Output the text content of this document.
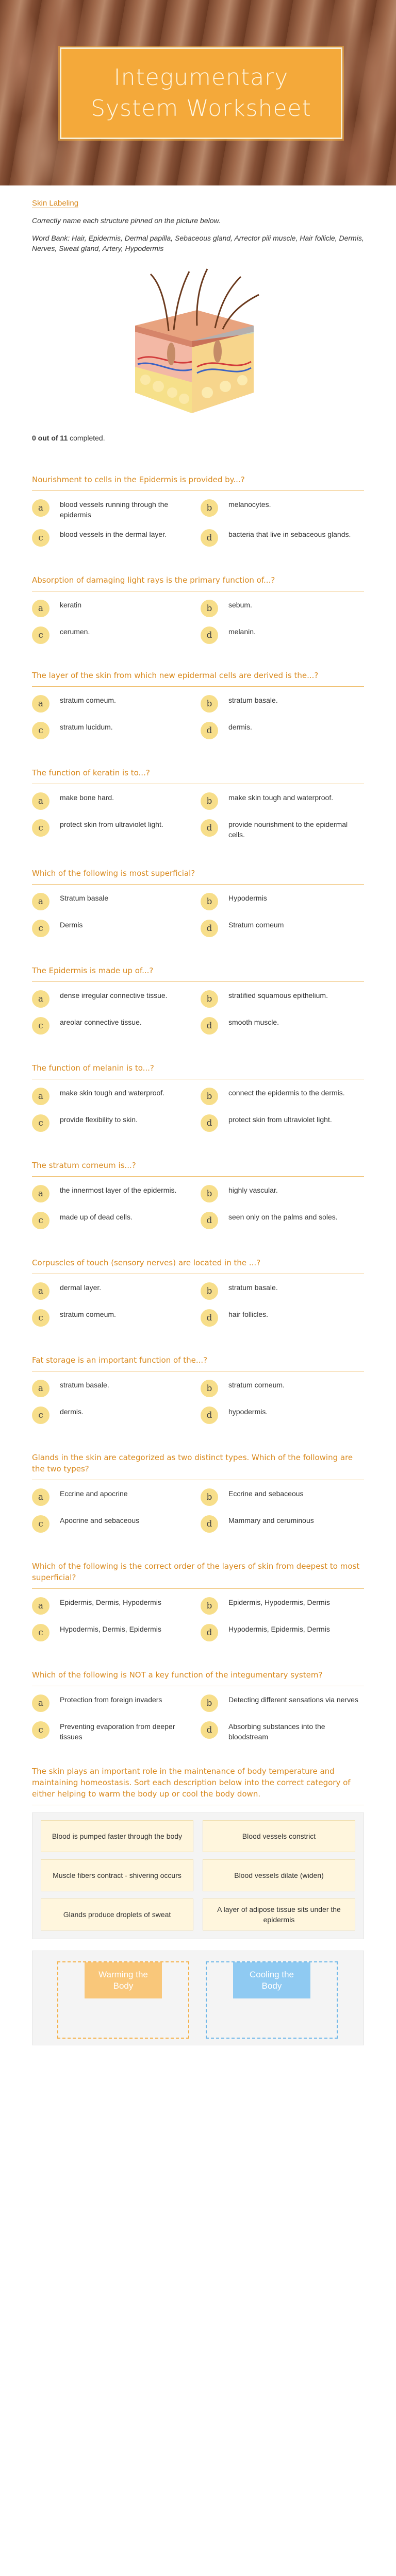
Integumentary System Worksheet
Skin Labeling

Correctly name each structure pinned on the picture below.

Word Bank: Hair, Epidermis, Dermal papilla, Sebaceous gland, Arrector pili muscle, Hair follicle, Dermis, Nerves, Sweat gland, Artery, Hypodermis

0 out of 11 completed.

Nourishment to cells in the Epidermis is provided by...?
a	blood vessels running through the epidermis
b	melanocytes.
c	blood vessels in the dermal layer.	d	bacteria that live in sebaceous glands.
Absorption of damaging light rays is the primary function of...?
a	keratin	b	sebum.
c	cerumen.	d	melanin.
The layer of the skin from which new epidermal cells are derived is the...?
a	stratum corneum.	b	stratum basale.
c	stratum lucidum.	d	dermis.
The function of keratin is to...?
a	make bone hard.	b	make skin tough and waterproof.
c	protect skin from ultraviolet light.	d	provide nourishment to the epidermal cells.
Which of the following is most superficial?
a	Stratum basale	b	Hypodermis
c	Dermis	d	Stratum corneum
The Epidermis is made up of...?
a	dense irregular connective tissue.	b	stratified squamous epithelium.
c	areolar connective tissue.	d	smooth muscle.
The function of melanin is to...?
a	make skin tough and waterproof.	b	connect the epidermis to the dermis.
c	provide flexibility to skin.	d	protect skin from ultraviolet light.
The stratum corneum is...?
a	the innermost layer of the epidermis.	b	highly vascular.
c	made up of dead cells.	d	seen only on the palms and soles.
Corpuscles of touch (sensory nerves) are located in the ...?
a	dermal layer.	b	stratum basale.
c	stratum corneum.	d	hair follicles.
Fat storage is an important function of the...?
a	stratum basale.	b	stratum corneum.
c	dermis.	d	hypodermis.
Glands in the skin are categorized as two distinct types. Which of the following are the two types?
a	Eccrine and apocrine	b	Eccrine and sebaceous
c	Apocrine and sebaceous	d	Mammary and ceruminous
Which of the following is the correct order of the layers of skin from deepest to most superficial?
a	Epidermis, Dermis, Hypodermis	b	Epidermis, Hypodermis, Dermis
c	Hypodermis, Dermis, Epidermis	d	Hypodermis, Epidermis, Dermis
Which of the following is NOT a key function of the integumentary system?
a	Protection from foreign invaders	b	Detecting different sensations via nerves
c	Preventing evaporation from deeper tissues
d	Absorbing substances into the bloodstream
The skin plays an important role in the maintenance of body temperature and maintaining homeostasis. Sort each description below into the correct category of either helping to warm the body up or cool the body down.
Blood is pumped faster through the body	Blood vessels constrict
Muscle fibers contract - shivering occurs	Blood vessels dilate (widen)
Glands produce droplets of sweat
A layer of adipose tissue sits under the epidermis
Warming the Body
Cooling the Body
